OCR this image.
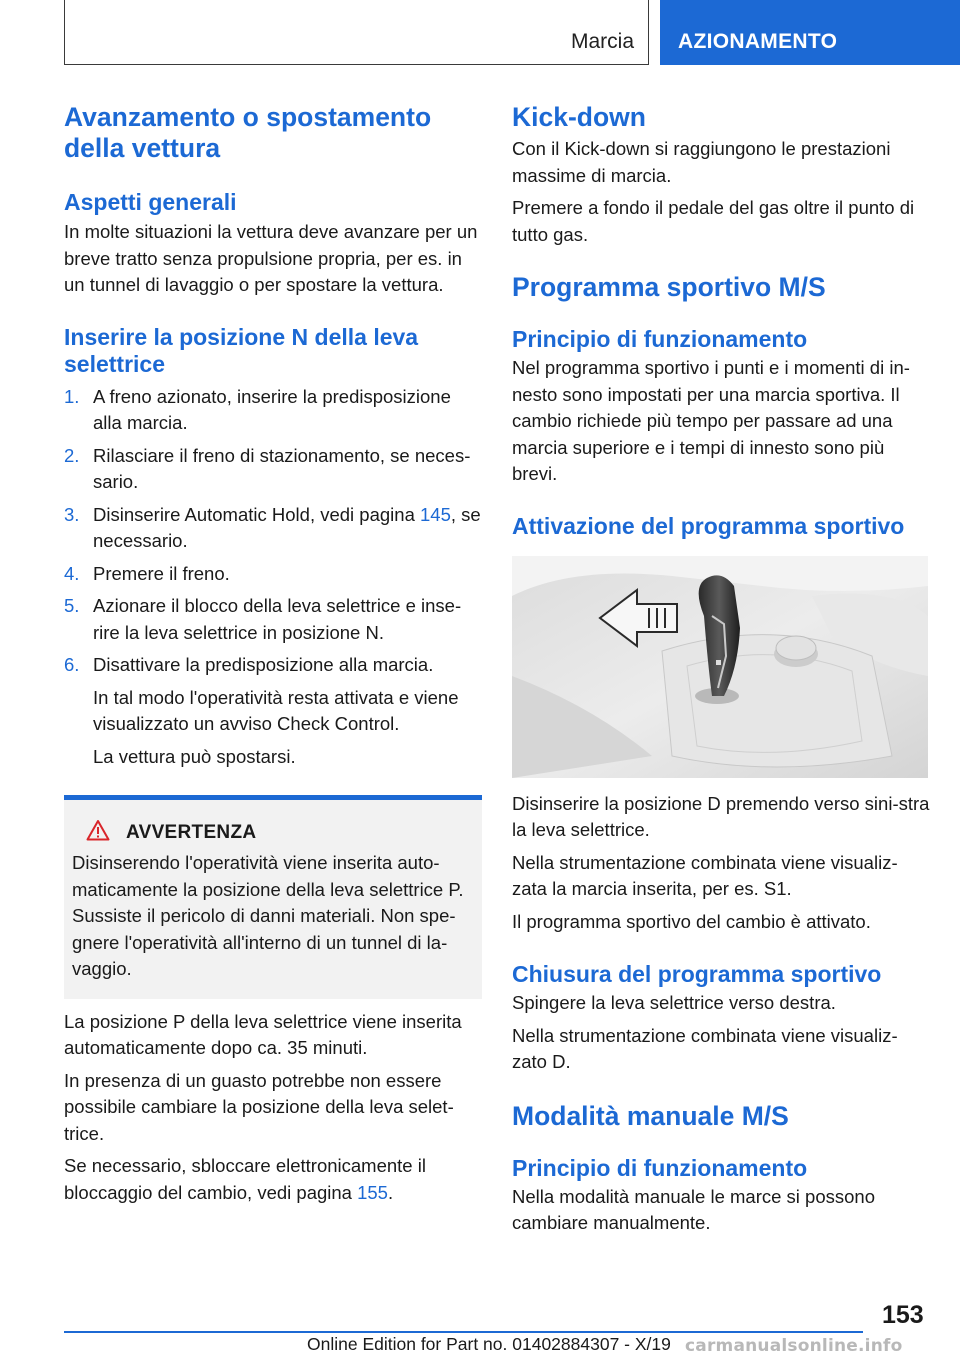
Marcia AZIONAMENTO
Avanzamento o spostamento della vettura
Aspetti generali

In molte situazioni la vettura deve avanzare per un breve tratto senza propulsione propria, per es. in un tunnel di lavaggio o per spostare la vettura.

Inserire la posizione N della leva selettrice
1. A freno azionato, inserire la predisposizione alla marcia.
2. Rilasciare il freno di stazionamento, se neces-sario.
3. Disinserire Automatic Hold, vedi pagina 145, se necessario.
4. Premere il freno.
5. Azionare il blocco della leva selettrice e inse-rire la leva selettrice in posizione N.
6. Disattivare la predisposizione alla marcia.

In tal modo l'operatività resta attivata e viene visualizzato un avviso Check Control.

La vettura può spostarsi.

AVVERTENZA

Disinserendo l'operatività viene inserita auto-maticamente la posizione della leva selettrice P. Sussiste il pericolo di danni materiali. Non spe-gnere l'operatività all'interno di un tunnel di la-vaggio.

La posizione P della leva selettrice viene inserita automaticamente dopo ca. 35 minuti.

In presenza di un guasto potrebbe non essere possibile cambiare la posizione della leva selet-trice.

Se necessario, sbloccare elettronicamente il bloccaggio del cambio, vedi pagina 155.

Kick-down

Con il Kick-down si raggiungono le prestazioni massime di marcia.

Premere a fondo il pedale del gas oltre il punto di tutto gas.

Programma sportivo M/S
Principio di funzionamento

Nel programma sportivo i punti e i momenti di in-nesto sono impostati per una marcia sportiva. Il cambio richiede più tempo per passare ad una marcia superiore e i tempi di innesto sono più brevi.

Attivazione del programma sportivo

Disinserire la posizione D premendo verso sini-stra la leva selettrice.

Nella strumentazione combinata viene visualiz-zata la marcia inserita, per es. S1.

Il programma sportivo del cambio è attivato.

Chiusura del programma sportivo

Spingere la leva selettrice verso destra.

Nella strumentazione combinata viene visualiz-zato D.

Modalità manuale M/S
Principio di funzionamento

Nella modalità manuale le marce si possono cambiare manualmente.

153
Online Edition for Part no. 01402884307 - X/19 carmanualsonline.info
